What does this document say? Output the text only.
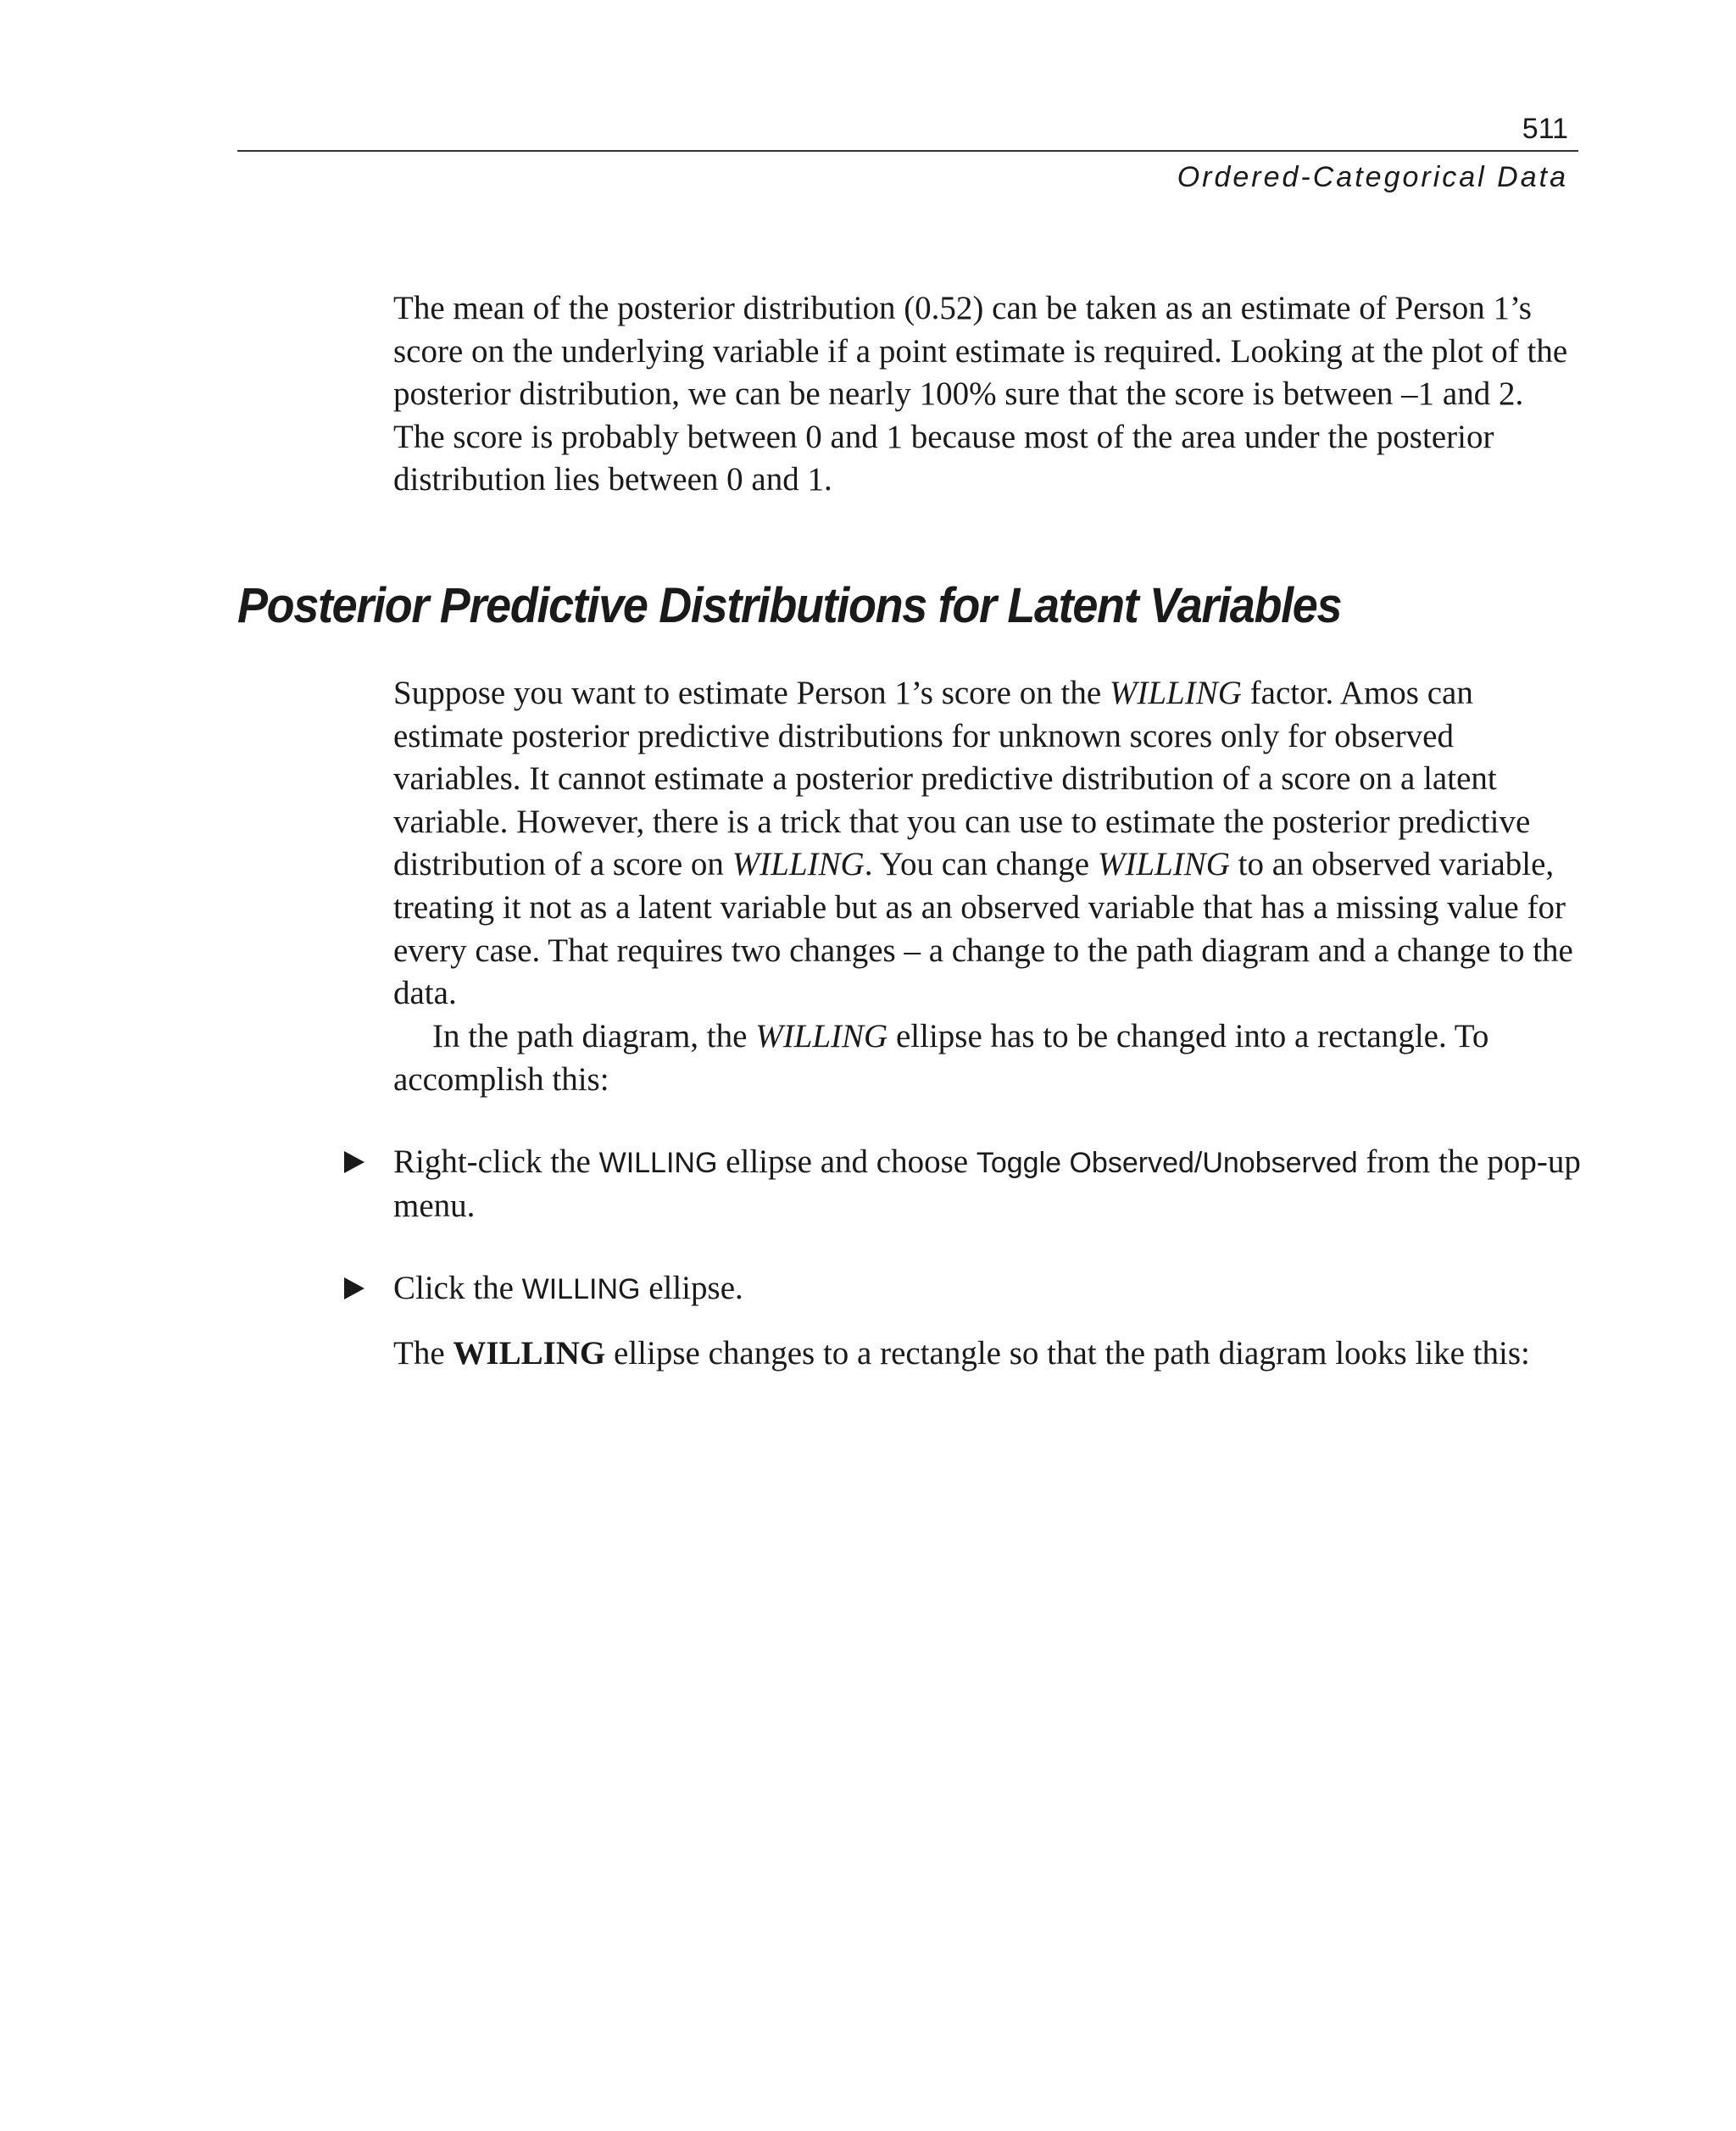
511
Ordered-Categorical Data

The mean of the posterior distribution (0.52) can be taken as an estimate of Person 1’s score on the underlying variable if a point estimate is required. Looking at the plot of the posterior distribution, we can be nearly 100% sure that the score is between –1 and 2. The score is probably between 0 and 1 because most of the area under the posterior distribution lies between 0 and 1.

Posterior Predictive Distributions for Latent Variables

Suppose you want to estimate Person 1’s score on the WILLING factor. Amos can estimate posterior predictive distributions for unknown scores only for observed variables. It cannot estimate a posterior predictive distribution of a score on a latent variable. However, there is a trick that you can use to estimate the posterior predictive distribution of a score on WILLING. You can change WILLING to an observed variable, treating it not as a latent variable but as an observed variable that has a missing value for every case. That requires two changes – a change to the path diagram and a change to the data.

In the path diagram, the WILLING ellipse has to be changed into a rectangle. To accomplish this:

Right-click the WILLING ellipse and choose Toggle Observed/Unobserved from the pop-up menu.

Click the WILLING ellipse.

The WILLING ellipse changes to a rectangle so that the path diagram looks like this:
